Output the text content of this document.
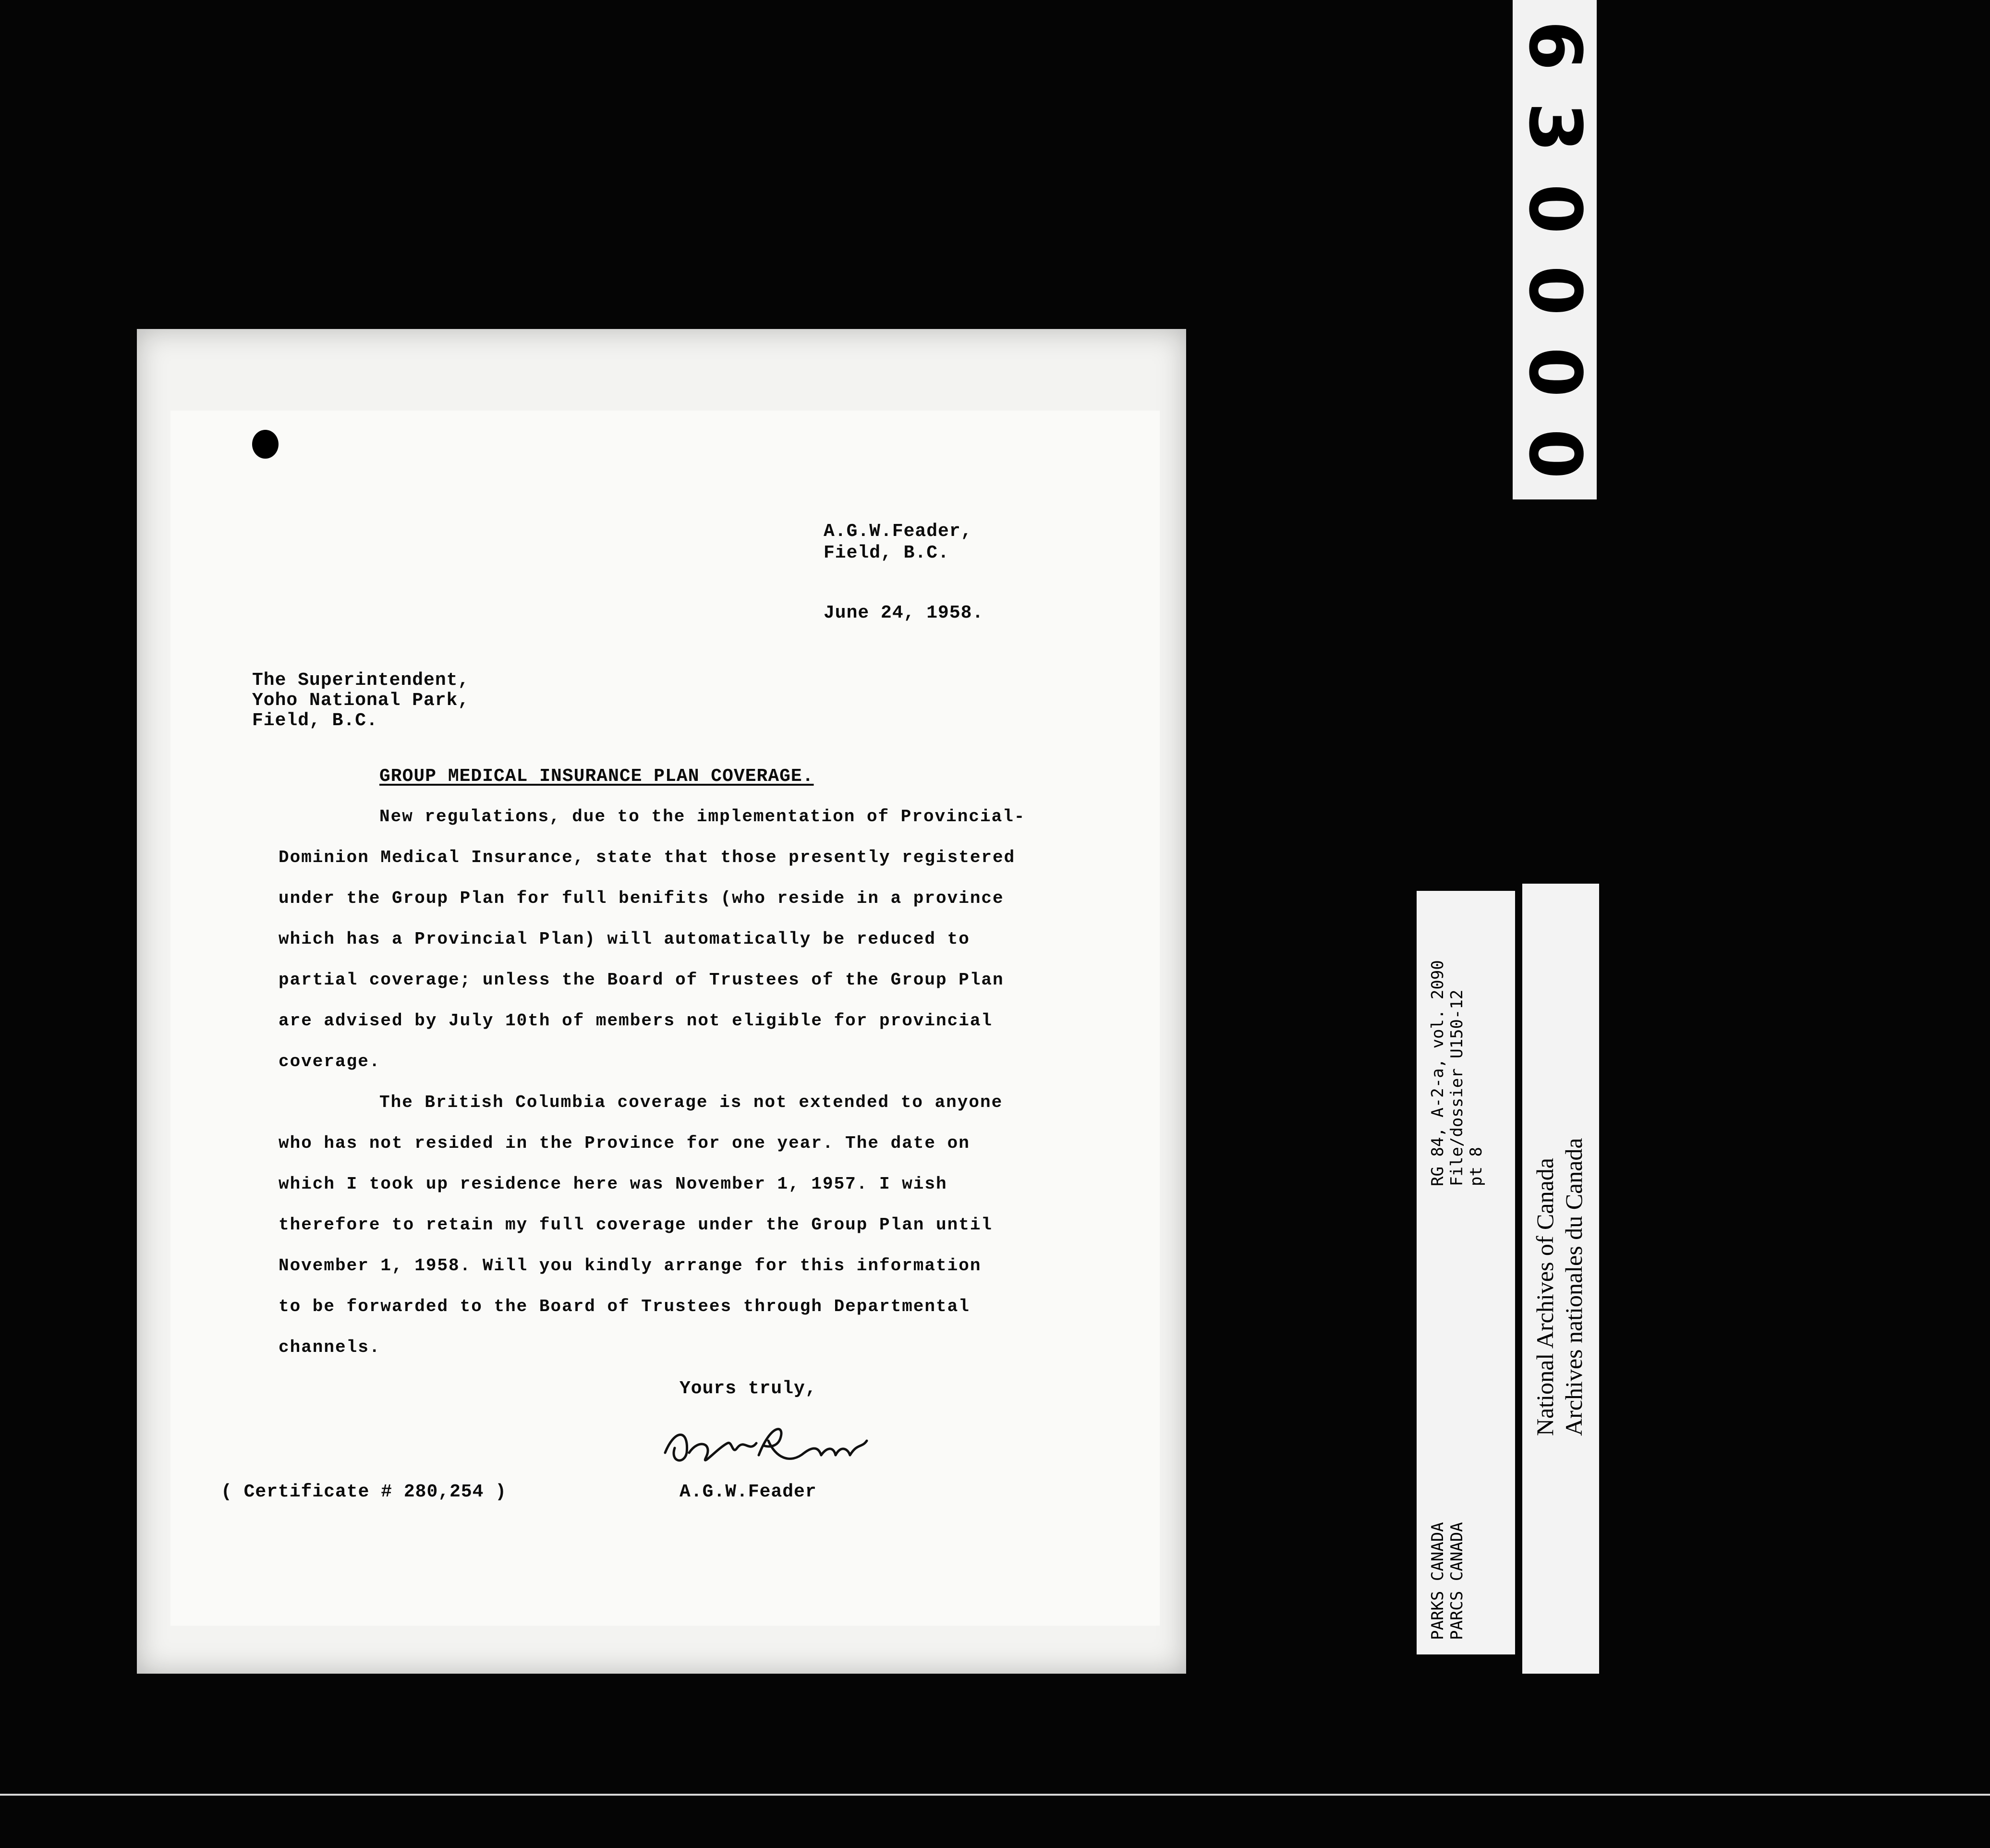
A.G.W.Feader,
Field, B.C.
June 24, 1958.
The Superintendent,
Yoho National Park,
Field, B.C.
GROUP MEDICAL INSURANCE PLAN COVERAGE.
New regulations, due to the implementation of Provincial-
Dominion Medical Insurance, state that those presently registered
under the Group Plan for full benifits (who reside in a province
which has a Provincial Plan) will automatically be reduced to
partial coverage; unless the Board of Trustees of the Group Plan
are advised by July 10th of members not eligible for provincial
coverage.
The British Columbia coverage is not extended to anyone
who has not resided in the Province for one year. The date on
which I took up residence here was November 1, 1957. I wish
therefore to retain my full coverage under the Group Plan until
November 1, 1958. Will you kindly arrange for this information
to be forwarded to the Board of Trustees through Departmental
channels.
Yours truly,
A.G.W.Feader
( Certificate # 280,254 )
0
0
0
0
3
6
RG 84, A-2-a, vol. 2090 File/dossier U150-12 pt 8
PARKS CANADA PARCS CANADA
National Archives of Canada Archives nationales du Canada
